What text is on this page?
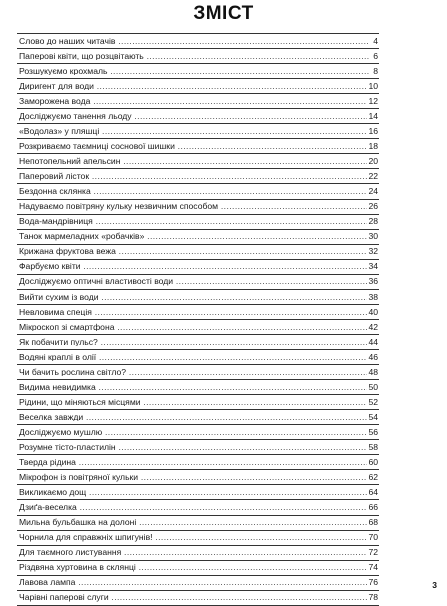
ЗМІСТ
Слово до наших читачів .....	4
Паперові квіти, що розцвітають .....	6
Розшукуємо крохмаль .....	8
Диригент для води .....	10
Заморожена вода .....	12
Досліджуємо танення льоду .....	14
«Водолаз» у пляшці .....	16
Розкриваємо таємниці соснової шишки .....	18
Непотопельний апельсин .....	20
Паперовий лісток .....	22
Бездонна склянка .....	24
Надуваємо повітряну кульку незвичним способом .....	26
Вода-мандрівниця .....	28
Танок мармеладних «робачків» .....	30
Крижана фруктова вежа .....	32
Фарбуємо квіти .....	34
Досліджуємо оптичні властивості води .....	36
Вийти сухим із води .....	38
Невловима спеція .....	40
Мікроскоп зі смартфона .....	42
Як побачити пульс? .....	44
Водяні краплі в олії .....	46
Чи бачить рослина світло? .....	48
Видима невидимка .....	50
Рідини, що міняються місцями .....	52
Веселка завжди .....	54
Досліджуємо мушлю .....	56
Розумне тісто-пластилін .....	58
Тверда рідина .....	60
Мікрофон із повітряної кульки .....	62
Викликаємо дощ .....	64
Дзиґа-веселка .....	66
Мильна бульбашка на долоні .....	68
Чорнила для справжніх шпигунів! .....	70
Для таємного листування .....	72
Різдвяна хуртовина в склянці .....	74
Лавова лампа .....	76
Чарівні паперові слуги .....	78
3
